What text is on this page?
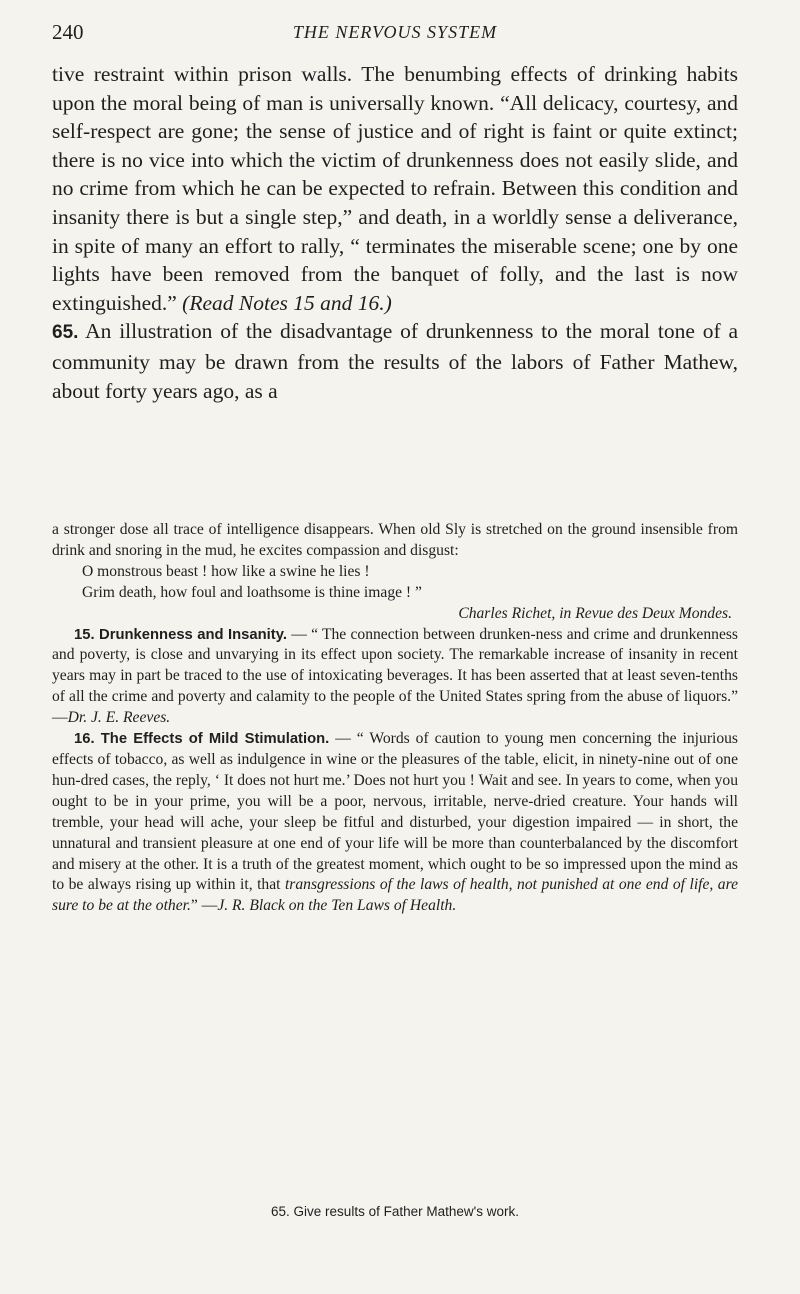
240	THE NERVOUS SYSTEM

tive restraint within prison walls. The benumbing effects of drinking habits upon the moral being of man is universally known. “All delicacy, courtesy, and self-respect are gone; the sense of justice and of right is faint or quite extinct; there is no vice into which the victim of drunkenness does not easily slide, and no crime from which he can be expected to refrain. Between this condition and insanity there is but a single step,” and death, in a worldly sense a deliverance, in spite of many an effort to rally, “ terminates the miserable scene; one by one lights have been removed from the banquet of folly, and the last is now extinguished.” (Read Notes 15 and 16.)

65. An illustration of the disadvantage of drunkenness to the moral tone of a community may be drawn from the results of the labors of Father Mathew, about forty years ago, as a

a stronger dose all trace of intelligence disappears. When old Sly is stretched on the ground insensible from drink and snoring in the mud, he excites compassion and disgust:

O monstrous beast ! how like a swine he lies !
Grim death, how foul and loathsome is thine image ! ”

Charles Richet, in Revue des Deux Mondes.

15. Drunkenness and Insanity. — “ The connection between drunken-ness and crime and drunkenness and poverty, is close and unvarying in its effect upon society. The remarkable increase of insanity in recent years may in part be traced to the use of intoxicating beverages. It has been asserted that at least seven-tenths of all the crime and poverty and calamity to the people of the United States spring from the abuse of liquors.” —Dr. J. E. Reeves.

16. The Effects of Mild Stimulation. — “ Words of caution to young men concerning the injurious effects of tobacco, as well as indulgence in wine or the pleasures of the table, elicit, in ninety-nine out of one hun-dred cases, the reply, ‘ It does not hurt me.’ Does not hurt you ! Wait and see. In years to come, when you ought to be in your prime, you will be a poor, nervous, irritable, nerve-dried creature. Your hands will tremble, your head will ache, your sleep be fitful and disturbed, your digestion impaired — in short, the unnatural and transient pleasure at one end of your life will be more than counterbalanced by the discomfort and misery at the other. It is a truth of the greatest moment, which ought to be so impressed upon the mind as to be always rising up within it, that transgressions of the laws of health, not punished at one end of life, are sure to be at the other.” —J. R. Black on the Ten Laws of Health.

65. Give results of Father Mathew's work.
